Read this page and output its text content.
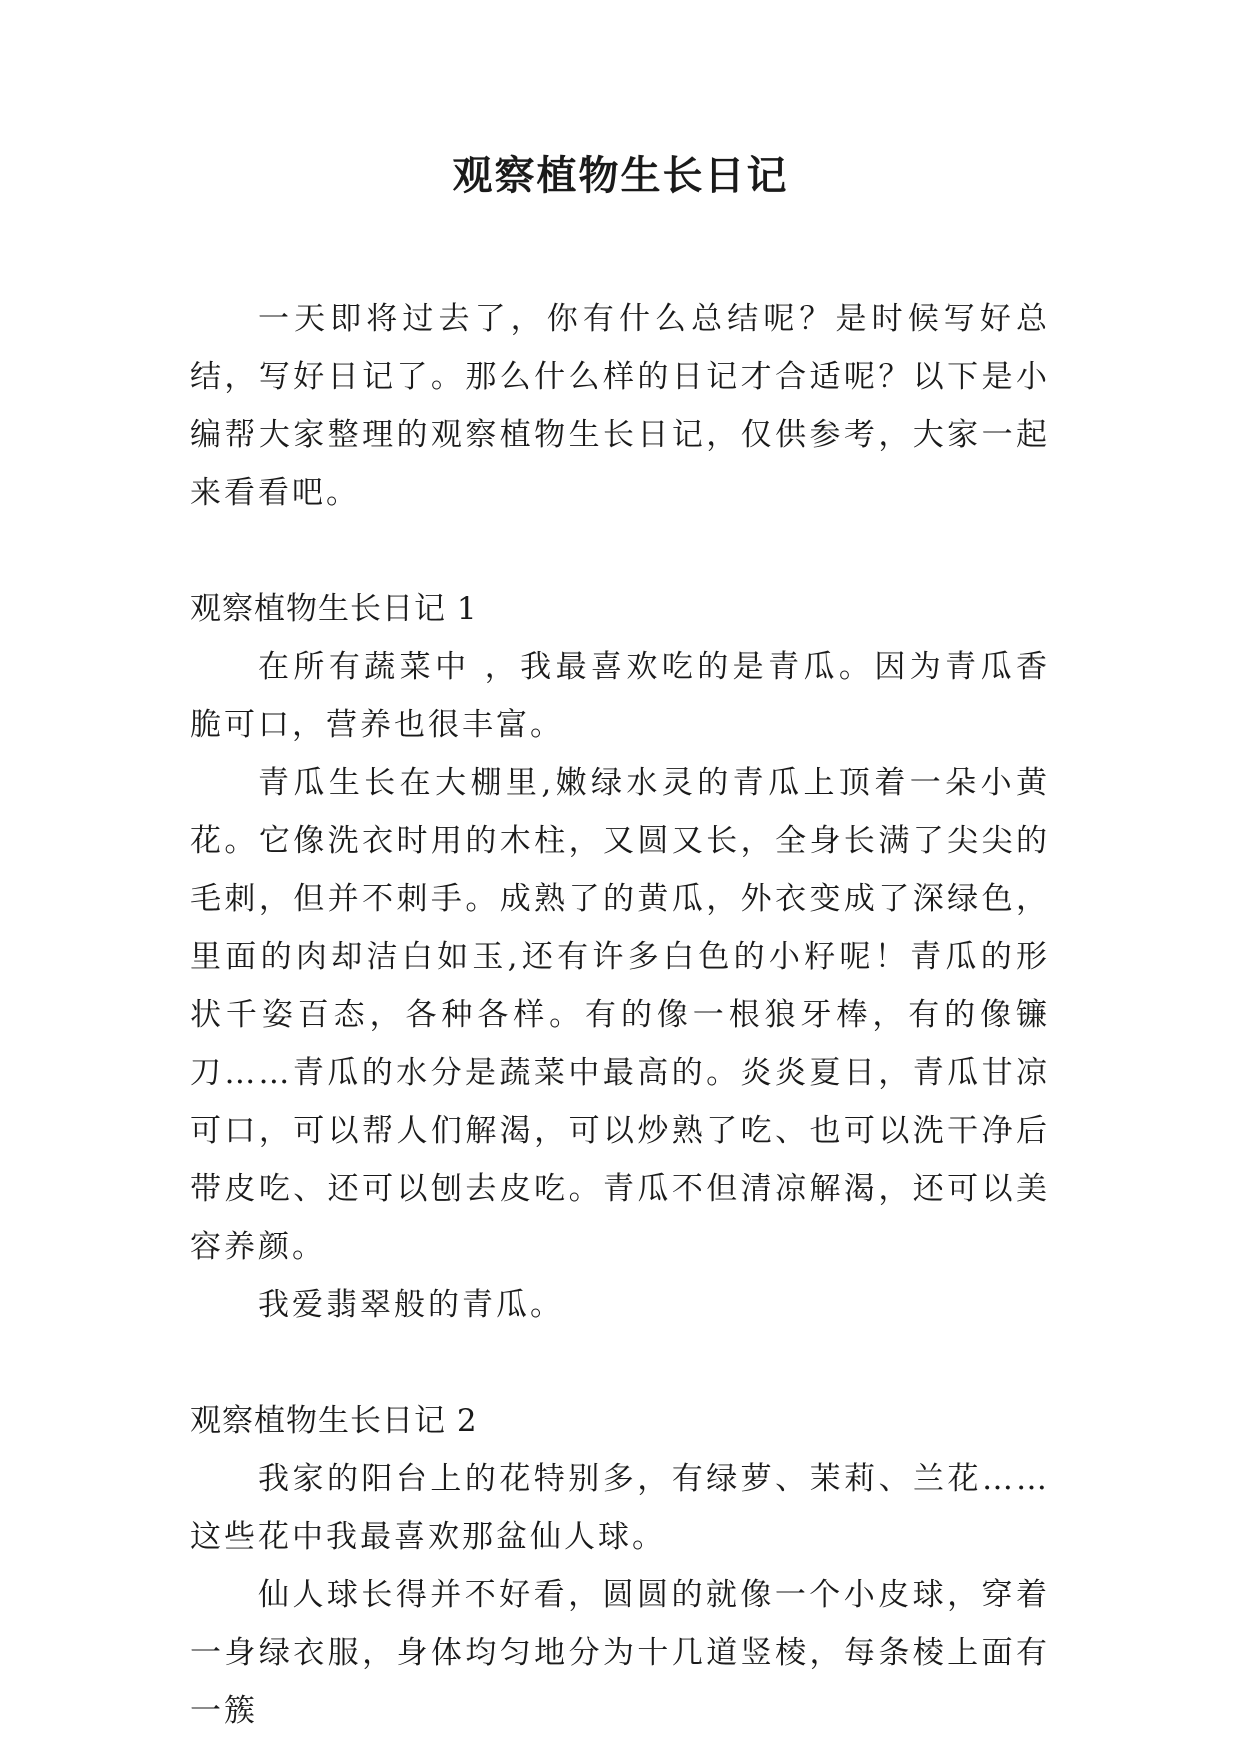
观察植物生长日记

一天即将过去了，你有什么总结呢？是时候写好总结，写好日记了。那么什么样的日记才合适呢？以下是小编帮大家整理的观察植物生长日记，仅供参考，大家一起来看看吧。

观察植物生长日记 1

在所有蔬菜中 ，我最喜欢吃的是青瓜。因为青瓜香脆可口，营养也很丰富。

青瓜生长在大棚里,嫩绿水灵的青瓜上顶着一朵小黄花。它像洗衣时用的木柱，又圆又长，全身长满了尖尖的毛刺，但并不刺手。成熟了的黄瓜，外衣变成了深绿色，里面的肉却洁白如玉,还有许多白色的小籽呢！青瓜的形状千姿百态，各种各样。有的像一根狼牙棒，有的像镰刀……青瓜的水分是蔬菜中最高的。炎炎夏日，青瓜甘凉可口，可以帮人们解渴，可以炒熟了吃、也可以洗干净后带皮吃、还可以刨去皮吃。青瓜不但清凉解渴，还可以美容养颜。

我爱翡翠般的青瓜。

观察植物生长日记 2

我家的阳台上的花特别多，有绿萝、茉莉、兰花……这些花中我最喜欢那盆仙人球。

仙人球长得并不好看，圆圆的就像一个小皮球，穿着一身绿衣服，身体均匀地分为十几道竖棱，每条棱上面有一簇
